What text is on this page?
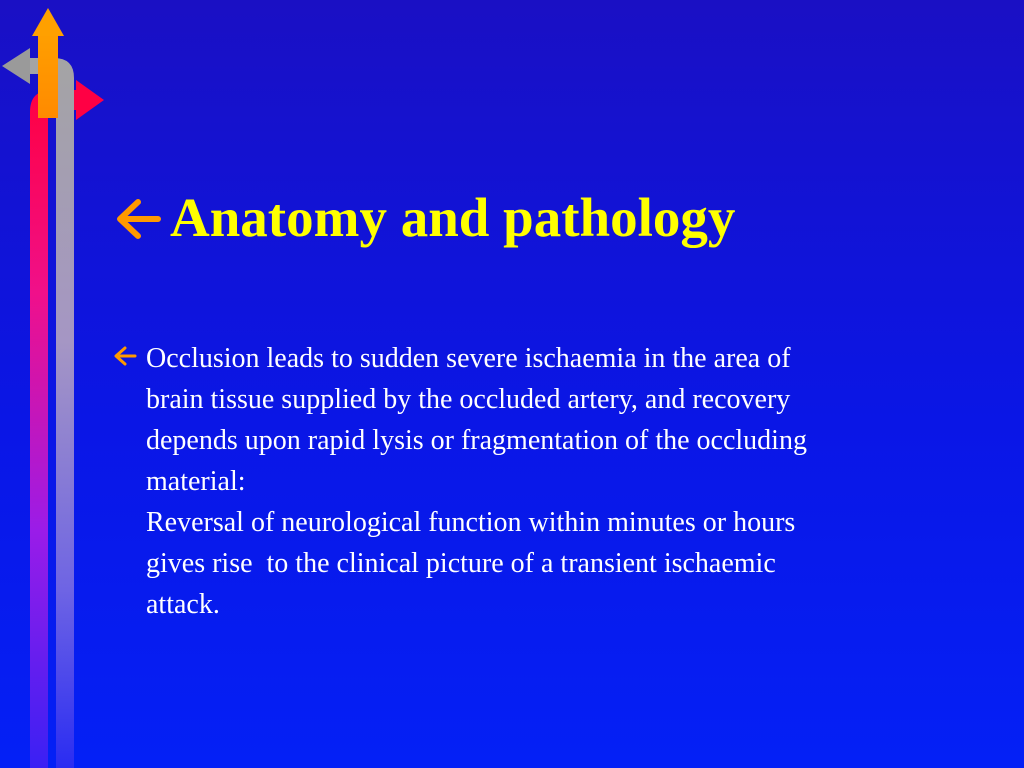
Anatomy and pathology
Occlusion leads to sudden severe ischaemia in the area of
brain tissue supplied by the occluded artery, and recovery
depends upon rapid lysis or fragmentation of the occluding
material:
Reversal of neurological function within minutes or hours
gives rise  to the clinical picture of a transient ischaemic
attack.
